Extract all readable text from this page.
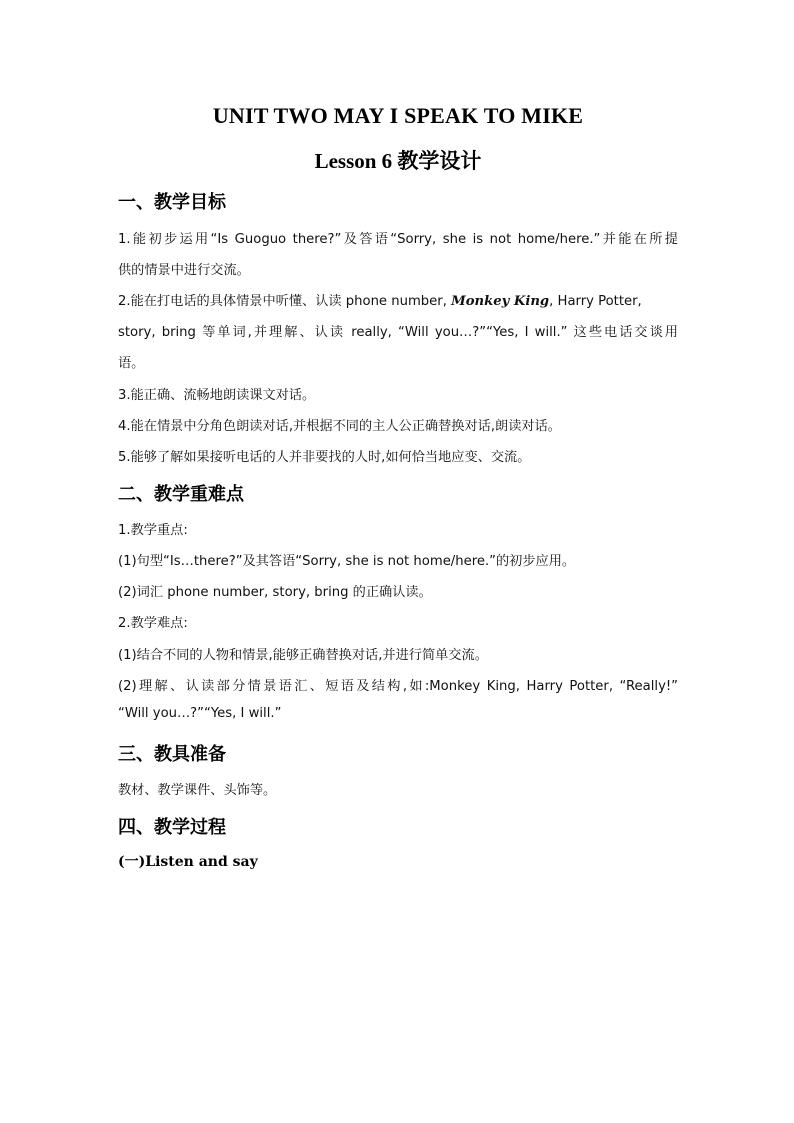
UNIT TWO MAY I SPEAK TO MIKE
Lesson 6 教学设计
一、教学目标
1.能初步运用“Is Guoguo there?”及答语“Sorry, she is not home/here.”并能在所提
供的情景中进行交流。
2.能在打电话的具体情景中听懂、认读 phone number, Monkey King, Harry Potter,
story, bring 等单词,并理解、认读 really, “Will you…?”“Yes, I will.” 这些电话交谈用
语。
3.能正确、流畅地朗读课文对话。
4.能在情景中分角色朗读对话,并根据不同的主人公正确替换对话,朗读对话。
5.能够了解如果接听电话的人并非要找的人时,如何恰当地应变、交流。
二、教学重难点
1.教学重点:
(1)句型“Is…there?”及其答语“Sorry, she is not home/here.”的初步应用。
(2)词汇 phone number, story, bring 的正确认读。
2.教学难点:
(1)结合不同的人物和情景,能够正确替换对话,并进行简单交流。
(2)理解、认读部分情景语汇、短语及结构,如:Monkey King, Harry Potter, “Really!”
“Will you…?”“Yes, I will.”
三、教具准备
教材、教学课件、头饰等。
四、教学过程
(一)Listen and say
